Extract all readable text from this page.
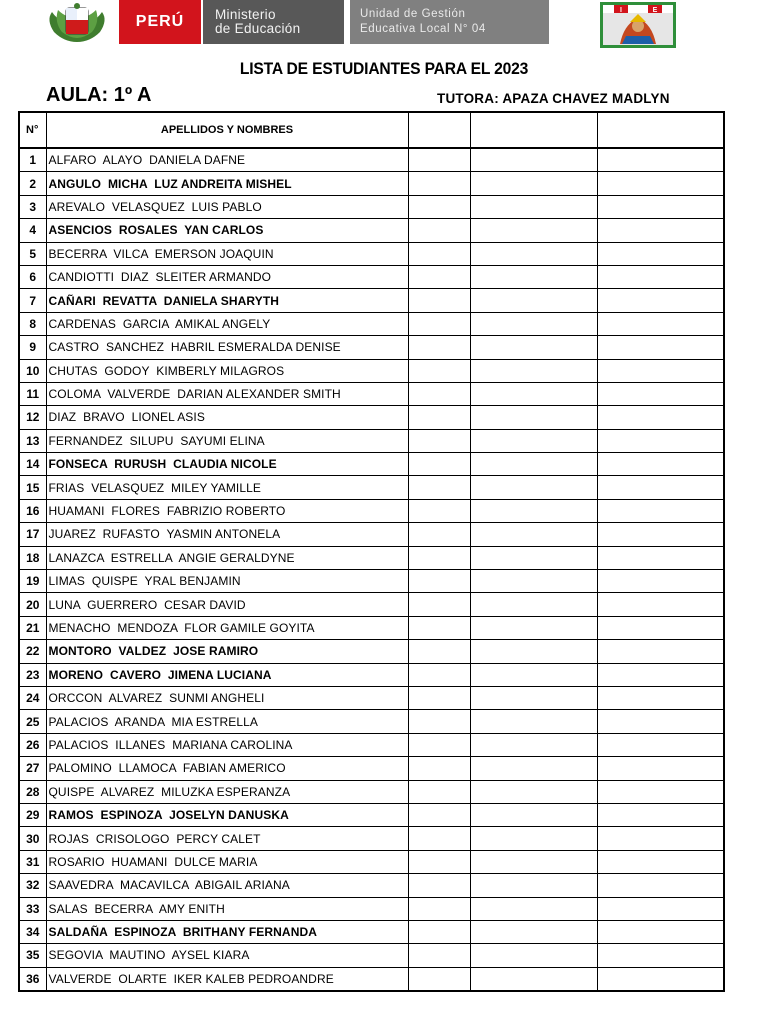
PERÚ Ministerio
de Educación
Unidad de Gestión
Educativa Local N° 04
I	E
LISTA DE ESTUDIANTES PARA EL 2023
AULA: 1º A	TUTORA: APAZA CHAVEZ MADLYN
N°	APELLIDOS Y NOMBRES			
1	ALFARO  ALAYO  DANIELA DAFNE			
2	ANGULO  MICHA  LUZ ANDREITA MISHEL			
3	AREVALO  VELASQUEZ  LUIS PABLO			
4	ASENCIOS  ROSALES  YAN CARLOS			
5	BECERRA  VILCA  EMERSON JOAQUIN			
6	CANDIOTTI  DIAZ  SLEITER ARMANDO			
7	CAÑARI  REVATTA  DANIELA SHARYTH			
8	CARDENAS  GARCIA  AMIKAL ANGELY			
9	CASTRO  SANCHEZ  HABRIL ESMERALDA DENISE			
10	CHUTAS  GODOY  KIMBERLY MILAGROS			
11	COLOMA  VALVERDE  DARIAN ALEXANDER SMITH			
12	DIAZ  BRAVO  LIONEL ASIS			
13	FERNANDEZ  SILUPU  SAYUMI ELINA			
14	FONSECA  RURUSH  CLAUDIA NICOLE			
15	FRIAS  VELASQUEZ  MILEY YAMILLE			
16	HUAMANI  FLORES  FABRIZIO ROBERTO			
17	JUAREZ  RUFASTO  YASMIN ANTONELA			
18	LANAZCA  ESTRELLA  ANGIE GERALDYNE			
19	LIMAS  QUISPE  YRAL BENJAMIN			
20	LUNA  GUERRERO  CESAR DAVID			
21	MENACHO  MENDOZA  FLOR GAMILE GOYITA			
22	MONTORO  VALDEZ  JOSE RAMIRO			
23	MORENO  CAVERO  JIMENA LUCIANA			
24	ORCCON  ALVAREZ  SUNMI ANGHELI			
25	PALACIOS  ARANDA  MIA ESTRELLA			
26	PALACIOS  ILLANES  MARIANA CAROLINA			
27	PALOMINO  LLAMOCA  FABIAN AMERICO			
28	QUISPE  ALVAREZ  MILUZKA ESPERANZA			
29	RAMOS  ESPINOZA  JOSELYN DANUSKA			
30	ROJAS  CRISOLOGO  PERCY CALET			
31	ROSARIO  HUAMANI  DULCE MARIA			
32	SAAVEDRA  MACAVILCA  ABIGAIL ARIANA			
33	SALAS  BECERRA  AMY ENITH			
34	SALDAÑA  ESPINOZA  BRITHANY FERNANDA			
35	SEGOVIA  MAUTINO  AYSEL KIARA			
36	VALVERDE  OLARTE  IKER KALEB PEDROANDRE			
